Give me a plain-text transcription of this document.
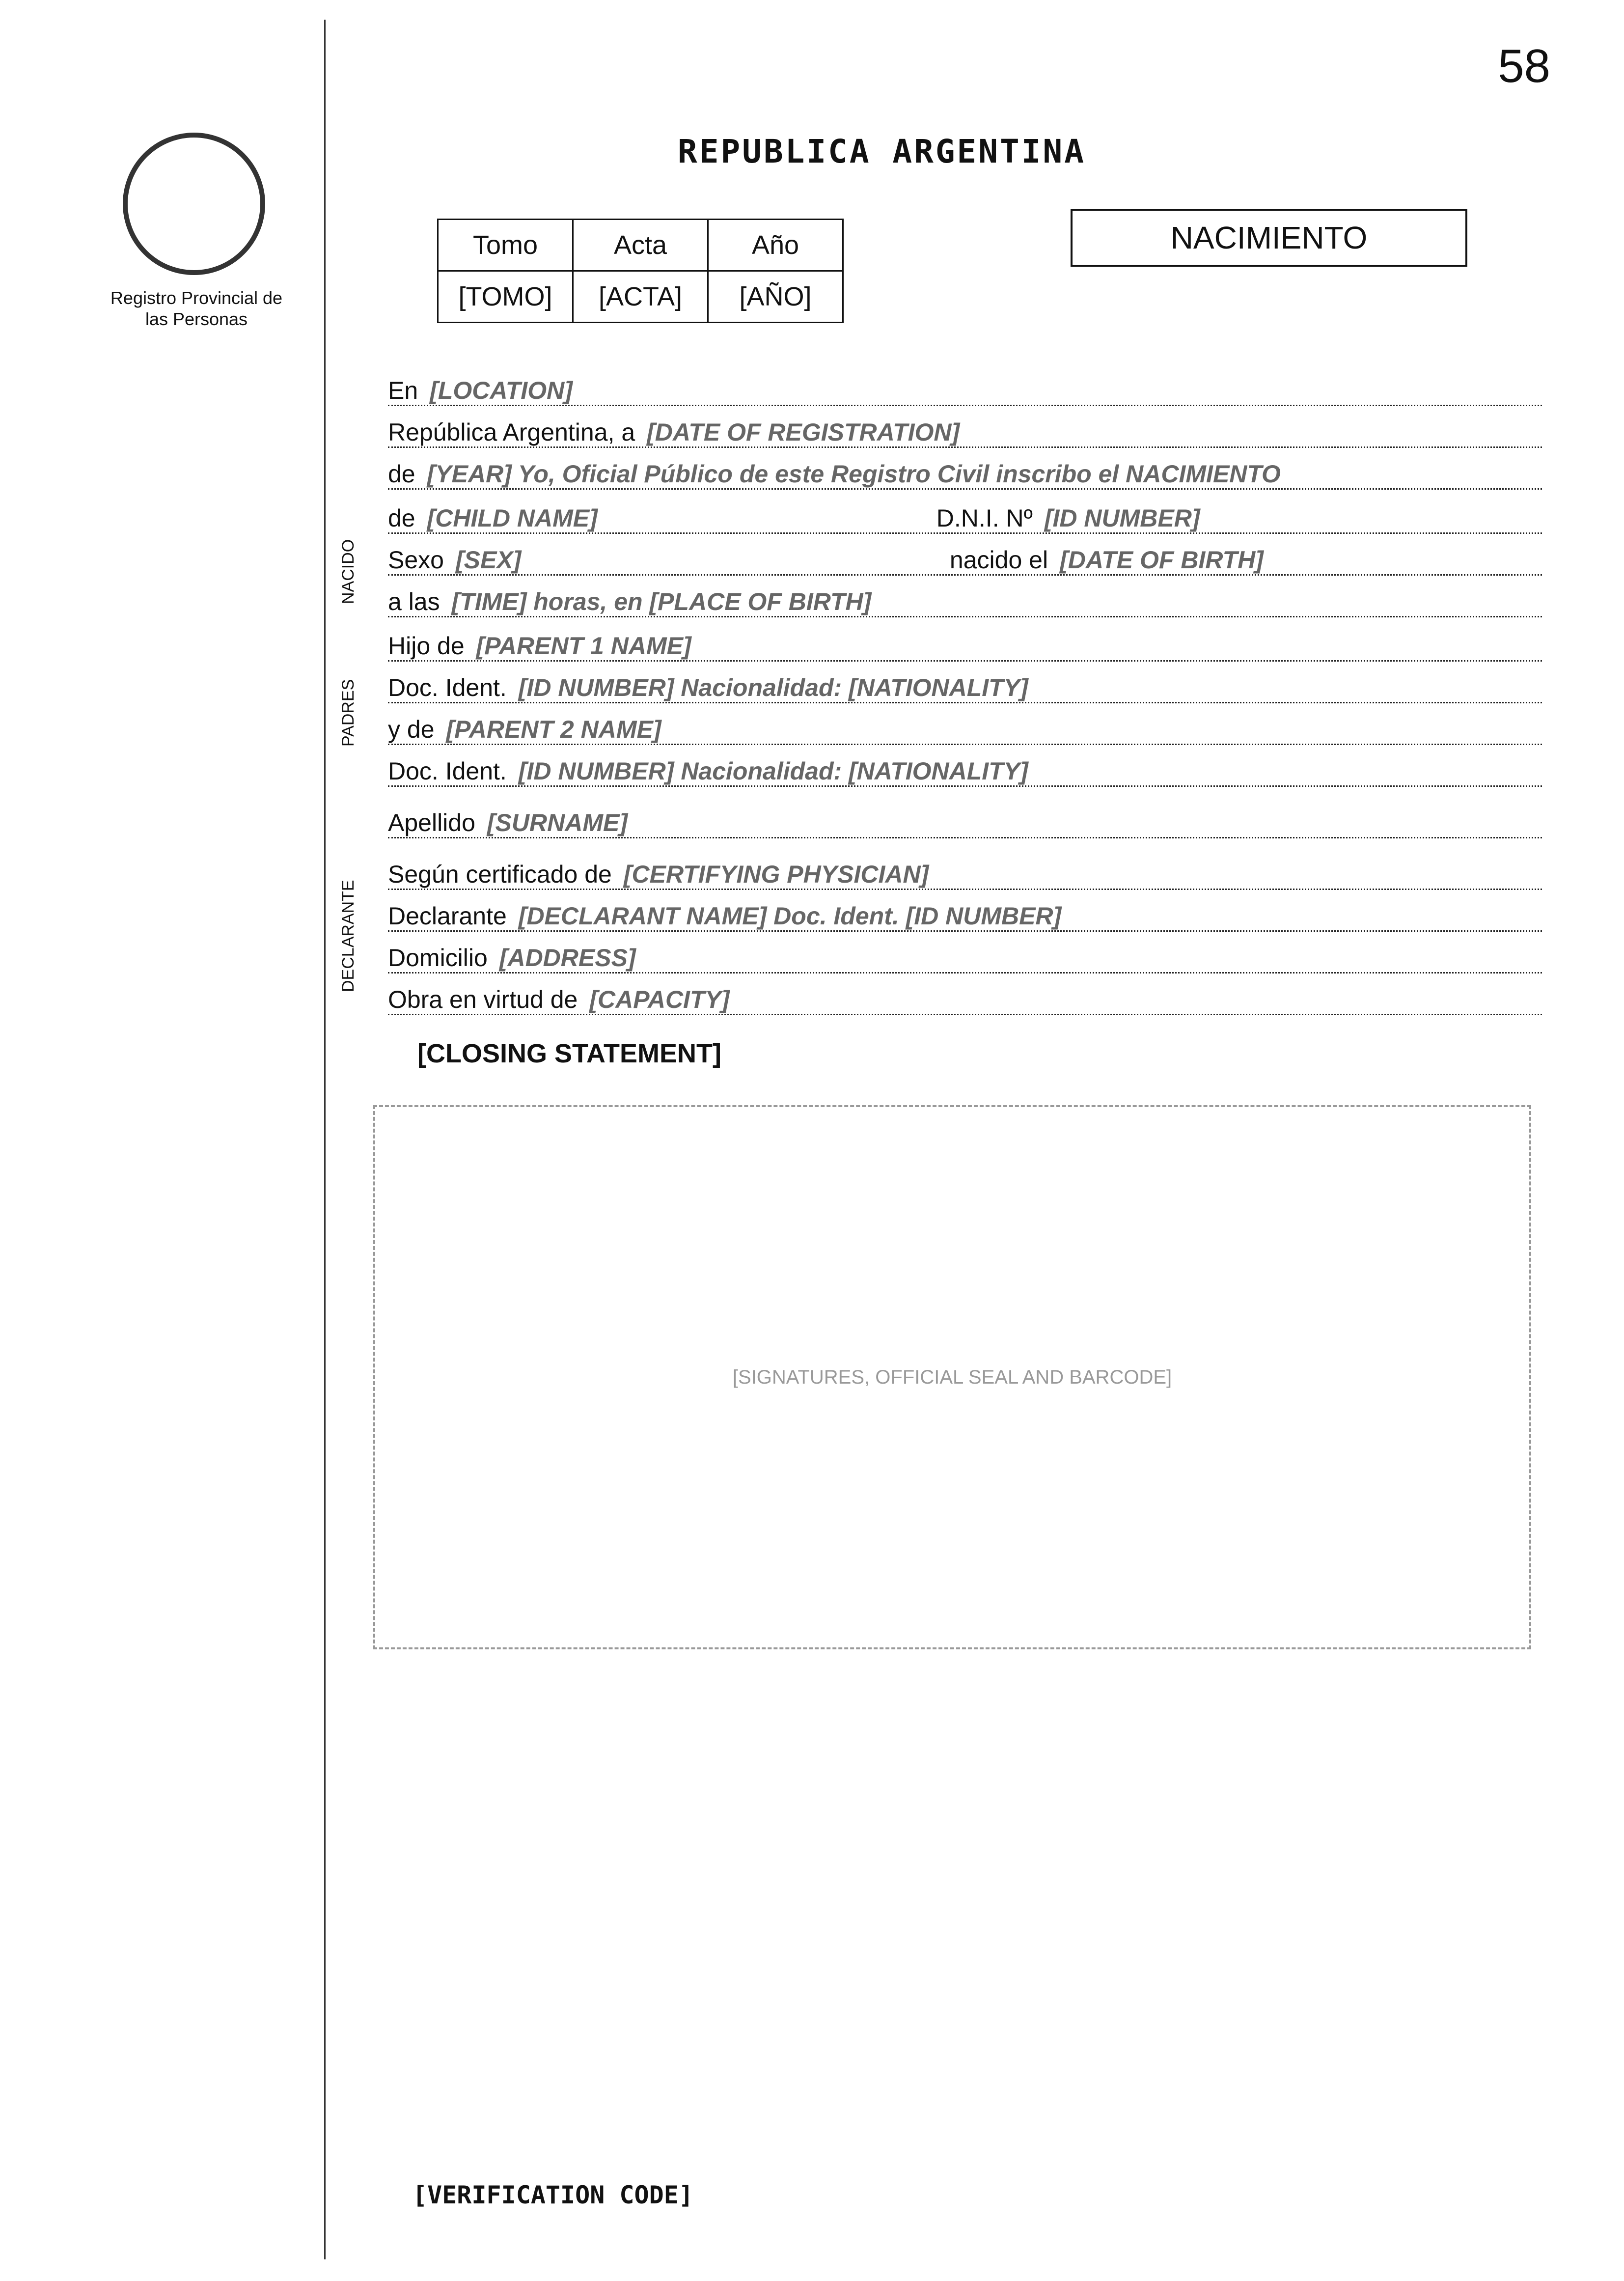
58
Registro Provincial de las Personas
REPUBLICA ARGENTINA
Tomo	Acta	Año
[TOMO]	[ACTA]	[AÑO]
NACIMIENTO
En [LOCATION]
República Argentina, a [DATE OF REGISTRATION]
de [YEAR] Yo, Oficial Público de este Registro Civil inscribo el NACIMIENTO
NACIDO
de [CHILD NAME]	D.N.I. Nº [ID NUMBER]
Sexo [SEX]	nacido el [DATE OF BIRTH]
a las [TIME] horas, en [PLACE OF BIRTH]
PADRES
Hijo de [PARENT 1 NAME]
Doc. Ident. [ID NUMBER] Nacionalidad: [NATIONALITY]
y de [PARENT 2 NAME]
Doc. Ident. [ID NUMBER] Nacionalidad: [NATIONALITY]
Apellido [SURNAME]
DECLARANTE
Según certificado de [CERTIFYING PHYSICIAN]
Declarante [DECLARANT NAME] Doc. Ident. [ID NUMBER]
Domicilio [ADDRESS]
Obra en virtud de [CAPACITY]
[CLOSING STATEMENT]
[SIGNATURES, OFFICIAL SEAL AND BARCODE]
[VERIFICATION CODE]
